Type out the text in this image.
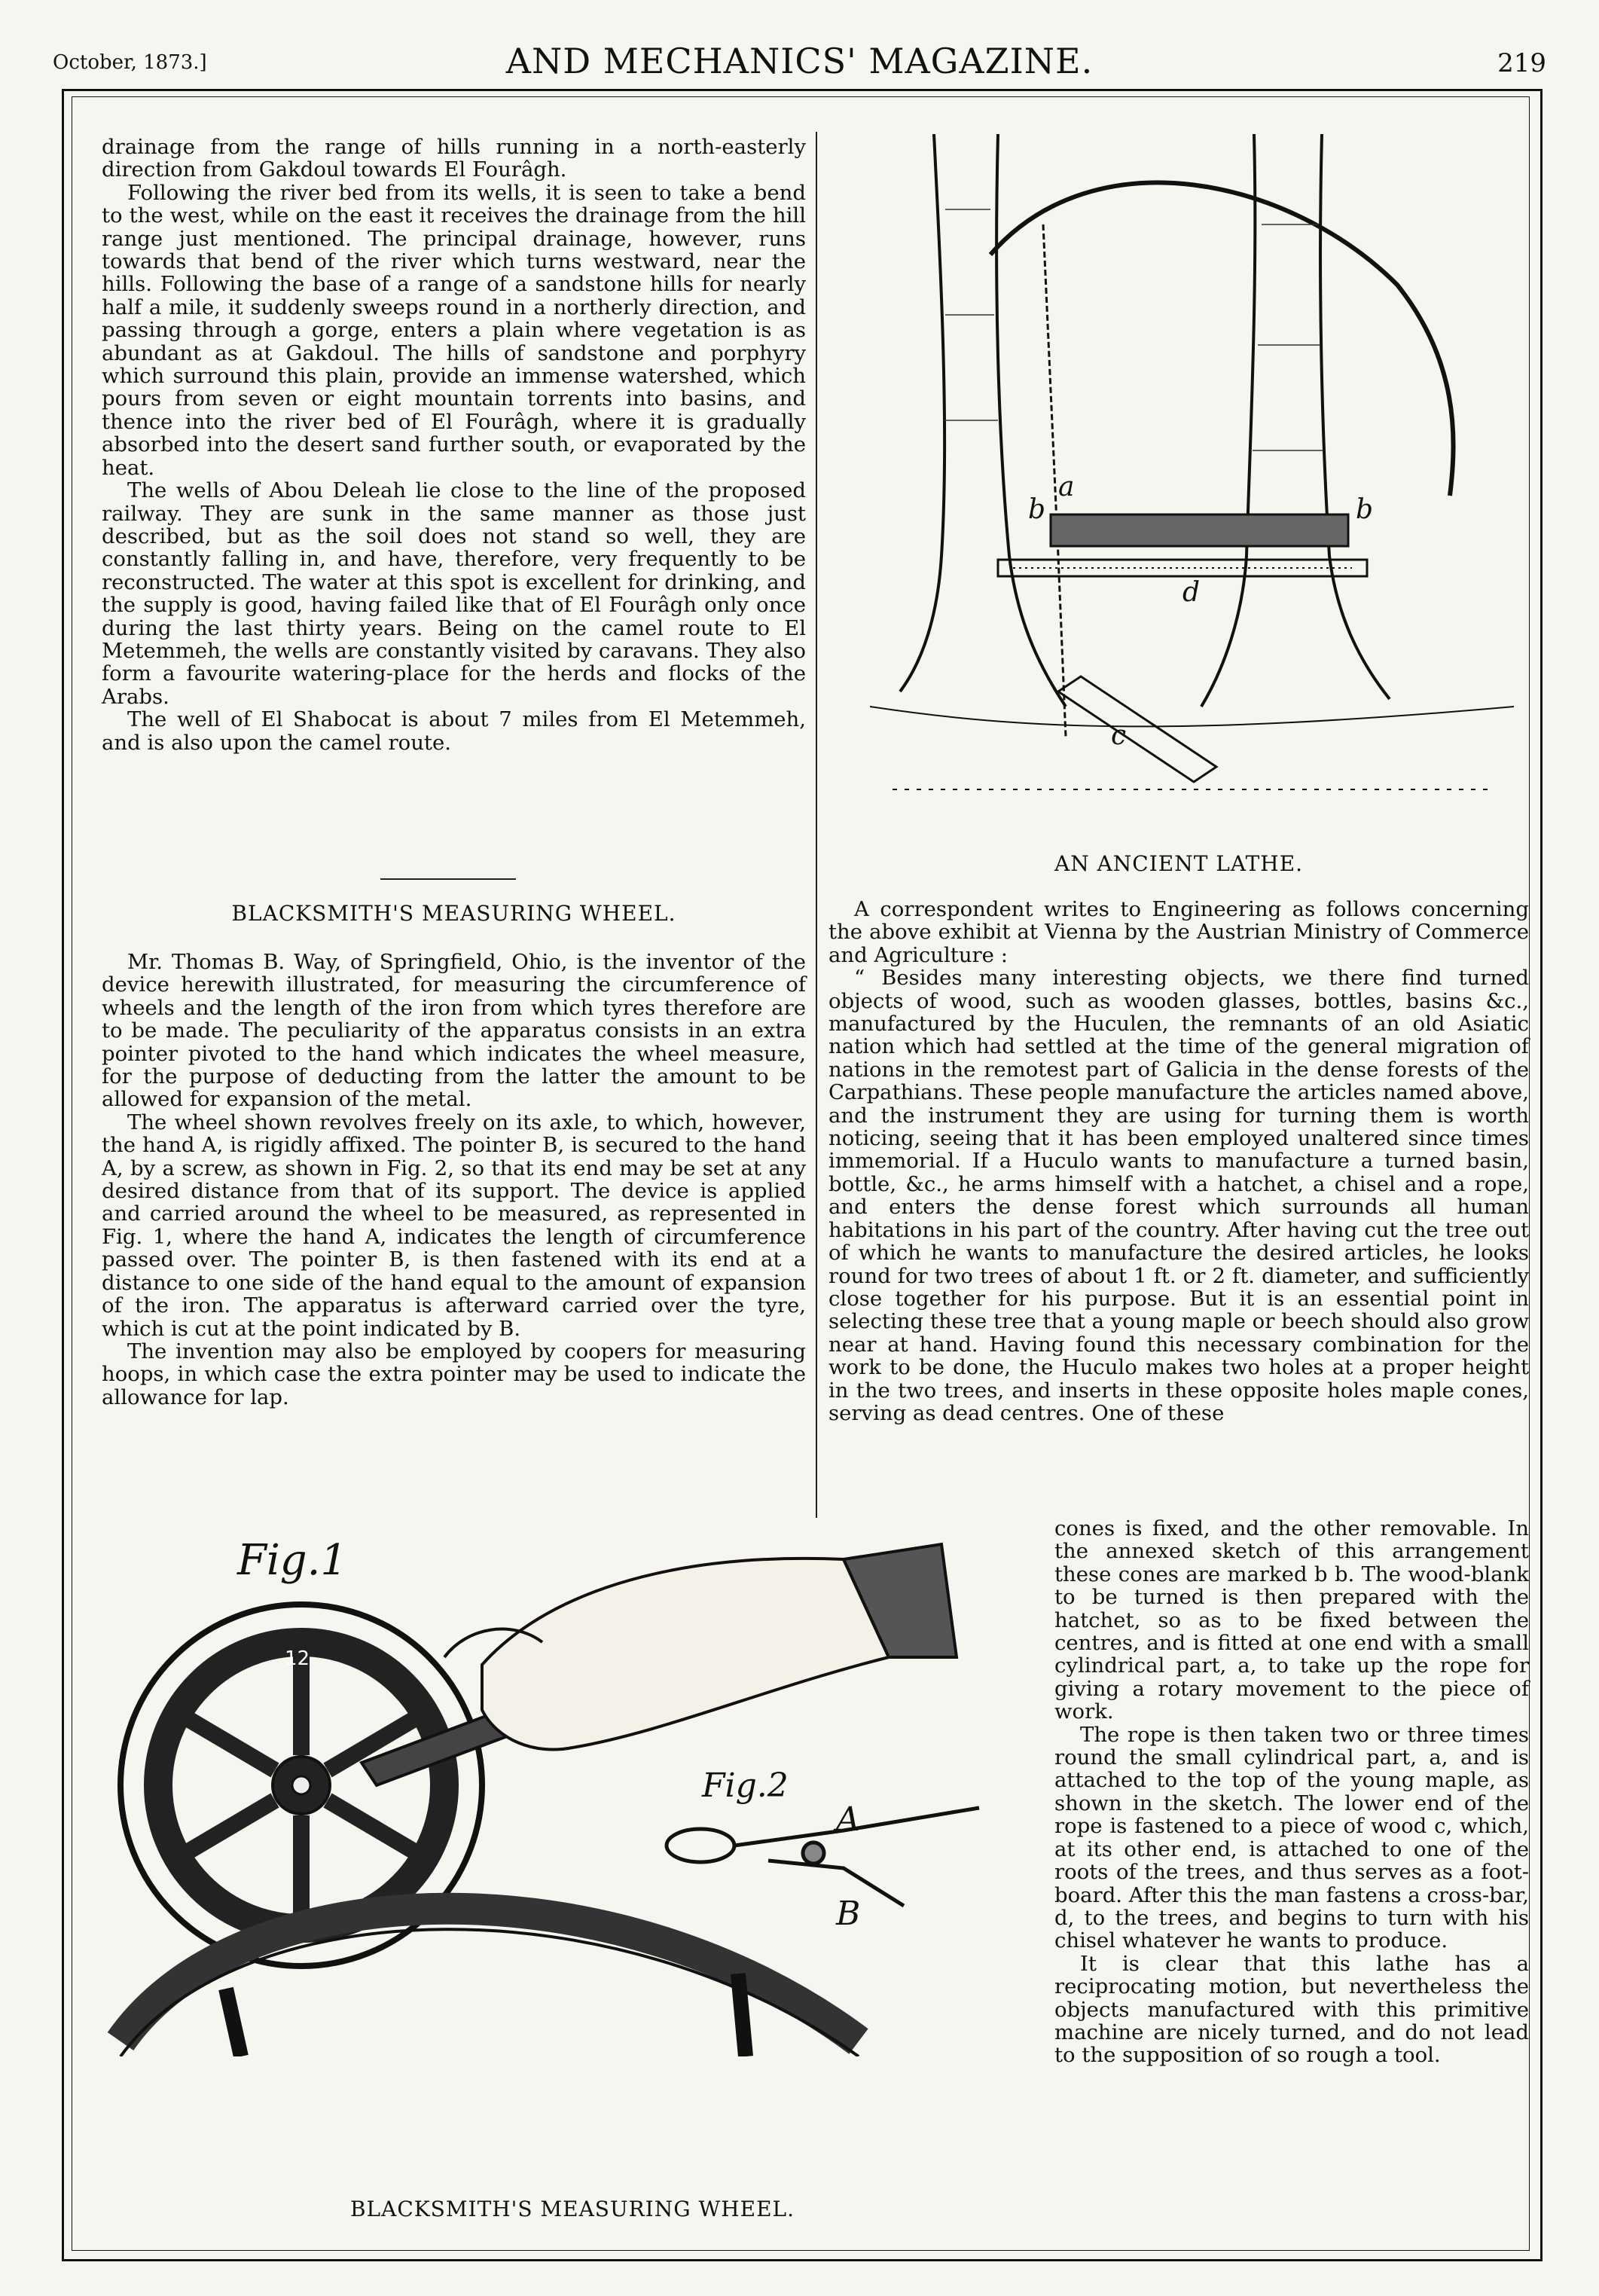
October, 1873.]	AND MECHANICS' MAGAZINE.	219

drainage from the range of hills running in a north-easterly direction from Gakdoul towards El Fourâgh.

Following the river bed from its wells, it is seen to take a bend to the west, while on the east it receives the drainage from the hill range just mentioned. The principal drainage, however, runs towards that bend of the river which turns westward, near the hills. Following the base of a range of a sandstone hills for nearly half a mile, it suddenly sweeps round in a northerly direction, and passing through a gorge, enters a plain where vegetation is as abundant as at Gakdoul. The hills of sandstone and porphyry which surround this plain, provide an immense watershed, which pours from seven or eight mountain torrents into basins, and thence into the river bed of El Fourâgh, where it is gradually absorbed into the desert sand further south, or evaporated by the heat.

The wells of Abou Deleah lie close to the line of the proposed railway. They are sunk in the same manner as those just described, but as the soil does not stand so well, they are constantly falling in, and have, therefore, very frequently to be reconstructed. The water at this spot is excellent for drinking, and the supply is good, having failed like that of El Fourâgh only once during the last thirty years. Being on the camel route to El Metemmeh, the wells are constantly visited by caravans. They also form a favourite watering-place for the herds and flocks of the Arabs.

The well of El Shabocat is about 7 miles from El Metemmeh, and is also upon the camel route.

BLACKSMITH'S MEASURING WHEEL.

Mr. Thomas B. Way, of Springfield, Ohio, is the inventor of the device herewith illustrated, for measuring the circumference of wheels and the length of the iron from which tyres therefore are to be made. The peculiarity of the apparatus consists in an extra pointer pivoted to the hand which indicates the wheel measure, for the purpose of deducting from the latter the amount to be allowed for expansion of the metal.

The wheel shown revolves freely on its axle, to which, however, the hand A, is rigidly affixed. The pointer B, is secured to the hand A, by a screw, as shown in Fig. 2, so that its end may be set at any desired distance from that of its support. The device is applied and carried around the wheel to be measured, as represented in Fig. 1, where the hand A, indicates the length of circumference passed over. The pointer B, is then fastened with its end at a distance to one side of the hand equal to the amount of expansion of the iron. The apparatus is afterward carried over the tyre, which is cut at the point indicated by B.

The invention may also be employed by coopers for measuring hoops, in which case the extra pointer may be used to indicate the allowance for lap.

b
a
b
c
d
AN ANCIENT LATHE.

A correspondent writes to Engineering as follows concerning the above exhibit at Vienna by the Austrian Ministry of Commerce and Agriculture :

“ Besides many interesting objects, we there find turned objects of wood, such as wooden glasses, bottles, basins &c., manufactured by the Huculen, the remnants of an old Asiatic nation which had settled at the time of the general migration of nations in the remotest part of Galicia in the dense forests of the Carpathians. These people manufacture the articles named above, and the instrument they are using for turning them is worth noticing, seeing that it has been employed unaltered since times immemorial. If a Huculo wants to manufacture a turned basin, bottle, &c., he arms himself with a hatchet, a chisel and a rope, and enters the dense forest which surrounds all human habitations in his part of the country. After having cut the tree out of which he wants to manufacture the desired articles, he looks round for two trees of about 1 ft. or 2 ft. diameter, and sufficiently close together for his purpose. But it is an essential point in selecting these tree that a young maple or beech should also grow near at hand. Having found this necessary combination for the work to be done, the Huculo makes two holes at a proper height in the two trees, and inserts in these opposite holes maple cones, serving as dead centres. One of these

cones is fixed, and the other removable. In the annexed sketch of this arrangement these cones are marked b b. The wood-blank to be turned is then prepared with the hatchet, so as to be fixed between the centres, and is fitted at one end with a small cylindrical part, a, to take up the rope for giving a rotary movement to the piece of work.

The rope is then taken two or three times round the small cylindrical part, a, and is attached to the top of the young maple, as shown in the sketch. The lower end of the rope is fastened to a piece of wood c, which, at its other end, is attached to one of the roots of the trees, and thus serves as a foot-board. After this the man fastens a cross-bar, d, to the trees, and begins to turn with his chisel whatever he wants to produce.

It is clear that this lathe has a reciprocating motion, but nevertheless the objects manufactured with this primitive machine are nicely turned, and do not lead to the supposition of so rough a tool.

Fig.1
Fig.2
A
B
12
BLACKSMITH'S MEASURING WHEEL.
